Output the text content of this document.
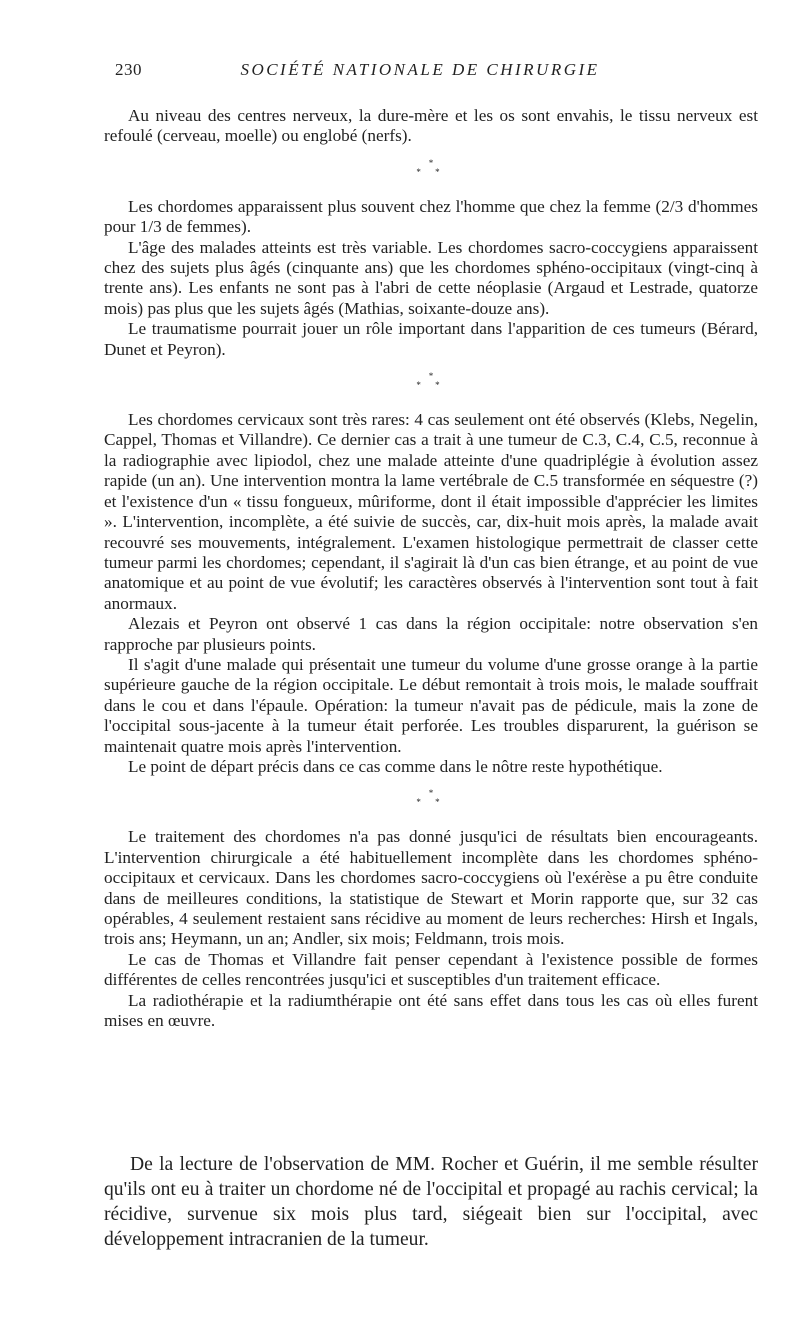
230	SOCIÉTÉ NATIONALE DE CHIRURGIE

Au niveau des centres nerveux, la dure-mère et les os sont envahis, le tissu nerveux est refoulé (cerveau, moelle) ou englobé (nerfs).

*
* *

Les chordomes apparaissent plus souvent chez l'homme que chez la femme (2/3 d'hommes pour 1/3 de femmes).

L'âge des malades atteints est très variable. Les chordomes sacro-coccygiens apparaissent chez des sujets plus âgés (cinquante ans) que les chordomes sphéno-occipitaux (vingt-cinq à trente ans). Les enfants ne sont pas à l'abri de cette néoplasie (Argaud et Lestrade, quatorze mois) pas plus que les sujets âgés (Mathias, soixante-douze ans).

Le traumatisme pourrait jouer un rôle important dans l'apparition de ces tumeurs (Bérard, Dunet et Peyron).

*
* *

Les chordomes cervicaux sont très rares: 4 cas seulement ont été observés (Klebs, Negelin, Cappel, Thomas et Villandre). Ce dernier cas a trait à une tumeur de C.3, C.4, C.5, reconnue à la radiographie avec lipiodol, chez une malade atteinte d'une quadriplégie à évolution assez rapide (un an). Une intervention montra la lame vertébrale de C.5 transformée en séquestre (?) et l'existence d'un « tissu fongueux, mûriforme, dont il était impossible d'apprécier les limites ». L'intervention, incomplète, a été suivie de succès, car, dix-huit mois après, la malade avait recouvré ses mouvements, intégralement. L'examen histologique permettrait de classer cette tumeur parmi les chordomes; cependant, il s'agirait là d'un cas bien étrange, et au point de vue anatomique et au point de vue évolutif; les caractères observés à l'intervention sont tout à fait anormaux.

Alezais et Peyron ont observé 1 cas dans la région occipitale: notre observation s'en rapproche par plusieurs points.

Il s'agit d'une malade qui présentait une tumeur du volume d'une grosse orange à la partie supérieure gauche de la région occipitale. Le début remontait à trois mois, le malade souffrait dans le cou et dans l'épaule. Opération: la tumeur n'avait pas de pédicule, mais la zone de l'occipital sous-jacente à la tumeur était perforée. Les troubles disparurent, la guérison se maintenait quatre mois après l'intervention.

Le point de départ précis dans ce cas comme dans le nôtre reste hypothétique.

*
* *

Le traitement des chordomes n'a pas donné jusqu'ici de résultats bien encourageants. L'intervention chirurgicale a été habituellement incomplète dans les chordomes sphéno-occipitaux et cervicaux. Dans les chordomes sacro-coccygiens où l'exérèse a pu être conduite dans de meilleures conditions, la statistique de Stewart et Morin rapporte que, sur 32 cas opérables, 4 seulement restaient sans récidive au moment de leurs recherches: Hirsh et Ingals, trois ans; Heymann, un an; Andler, six mois; Feldmann, trois mois.

Le cas de Thomas et Villandre fait penser cependant à l'existence possible de formes différentes de celles rencontrées jusqu'ici et susceptibles d'un traitement efficace.

La radiothérapie et la radiumthérapie ont été sans effet dans tous les cas où elles furent mises en œuvre.

De la lecture de l'observation de MM. Rocher et Guérin, il me semble résulter qu'ils ont eu à traiter un chordome né de l'occipital et propagé au rachis cervical; la récidive, survenue six mois plus tard, siégeait bien sur l'occipital, avec développement intracranien de la tumeur.
